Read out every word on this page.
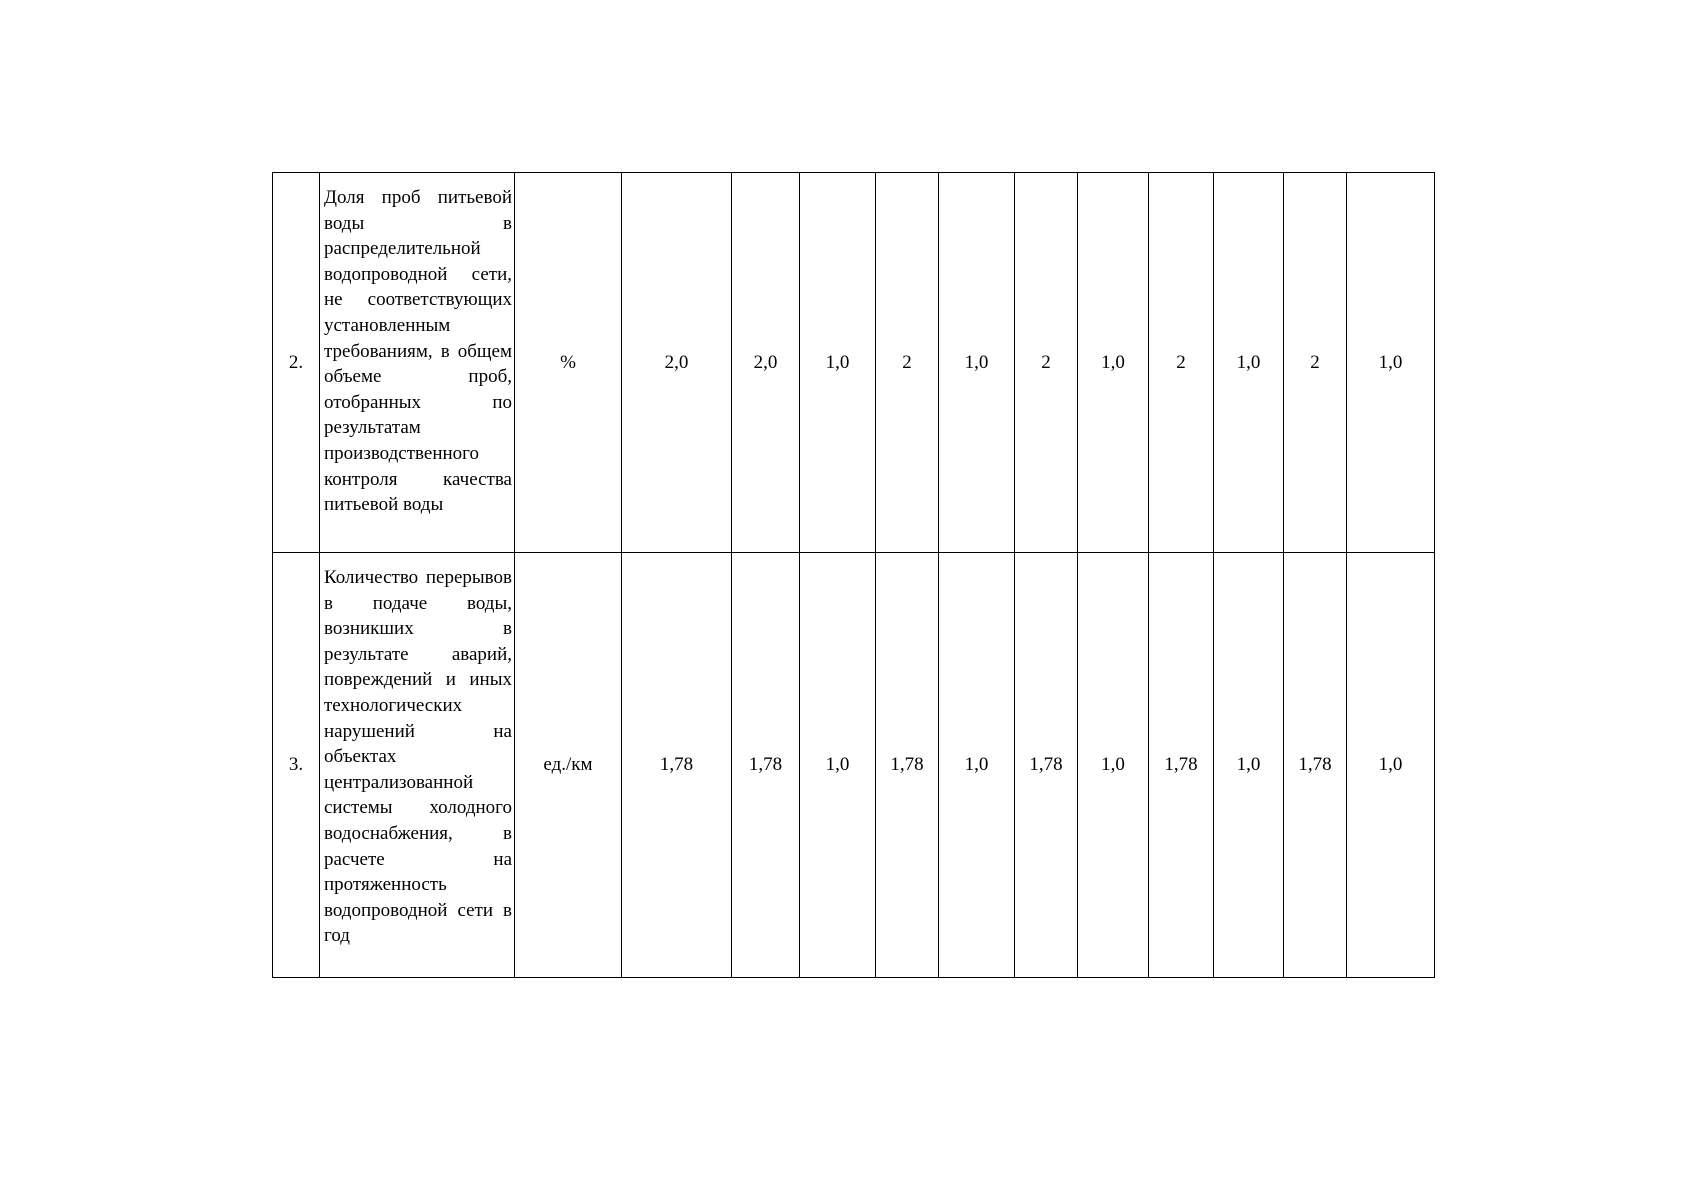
2.	Доля проб питьевой воды в распределительной водопроводной сети, не соответствующих установленным требованиям, в общем объеме проб, отобранных по результатам производственного контроля качества питьевой воды	%	2,0	2,0	1,0	2	1,0	2	1,0	2	1,0	2	1,0
3.	Количество перерывов в подаче воды, возникших в результате аварий, повреждений и иных технологических нарушений на объектах централизованной системы холодного водоснабжения, в расчете на протяженность водопроводной сети в год	ед./км	1,78	1,78	1,0	1,78	1,0	1,78	1,0	1,78	1,0	1,78	1,0
